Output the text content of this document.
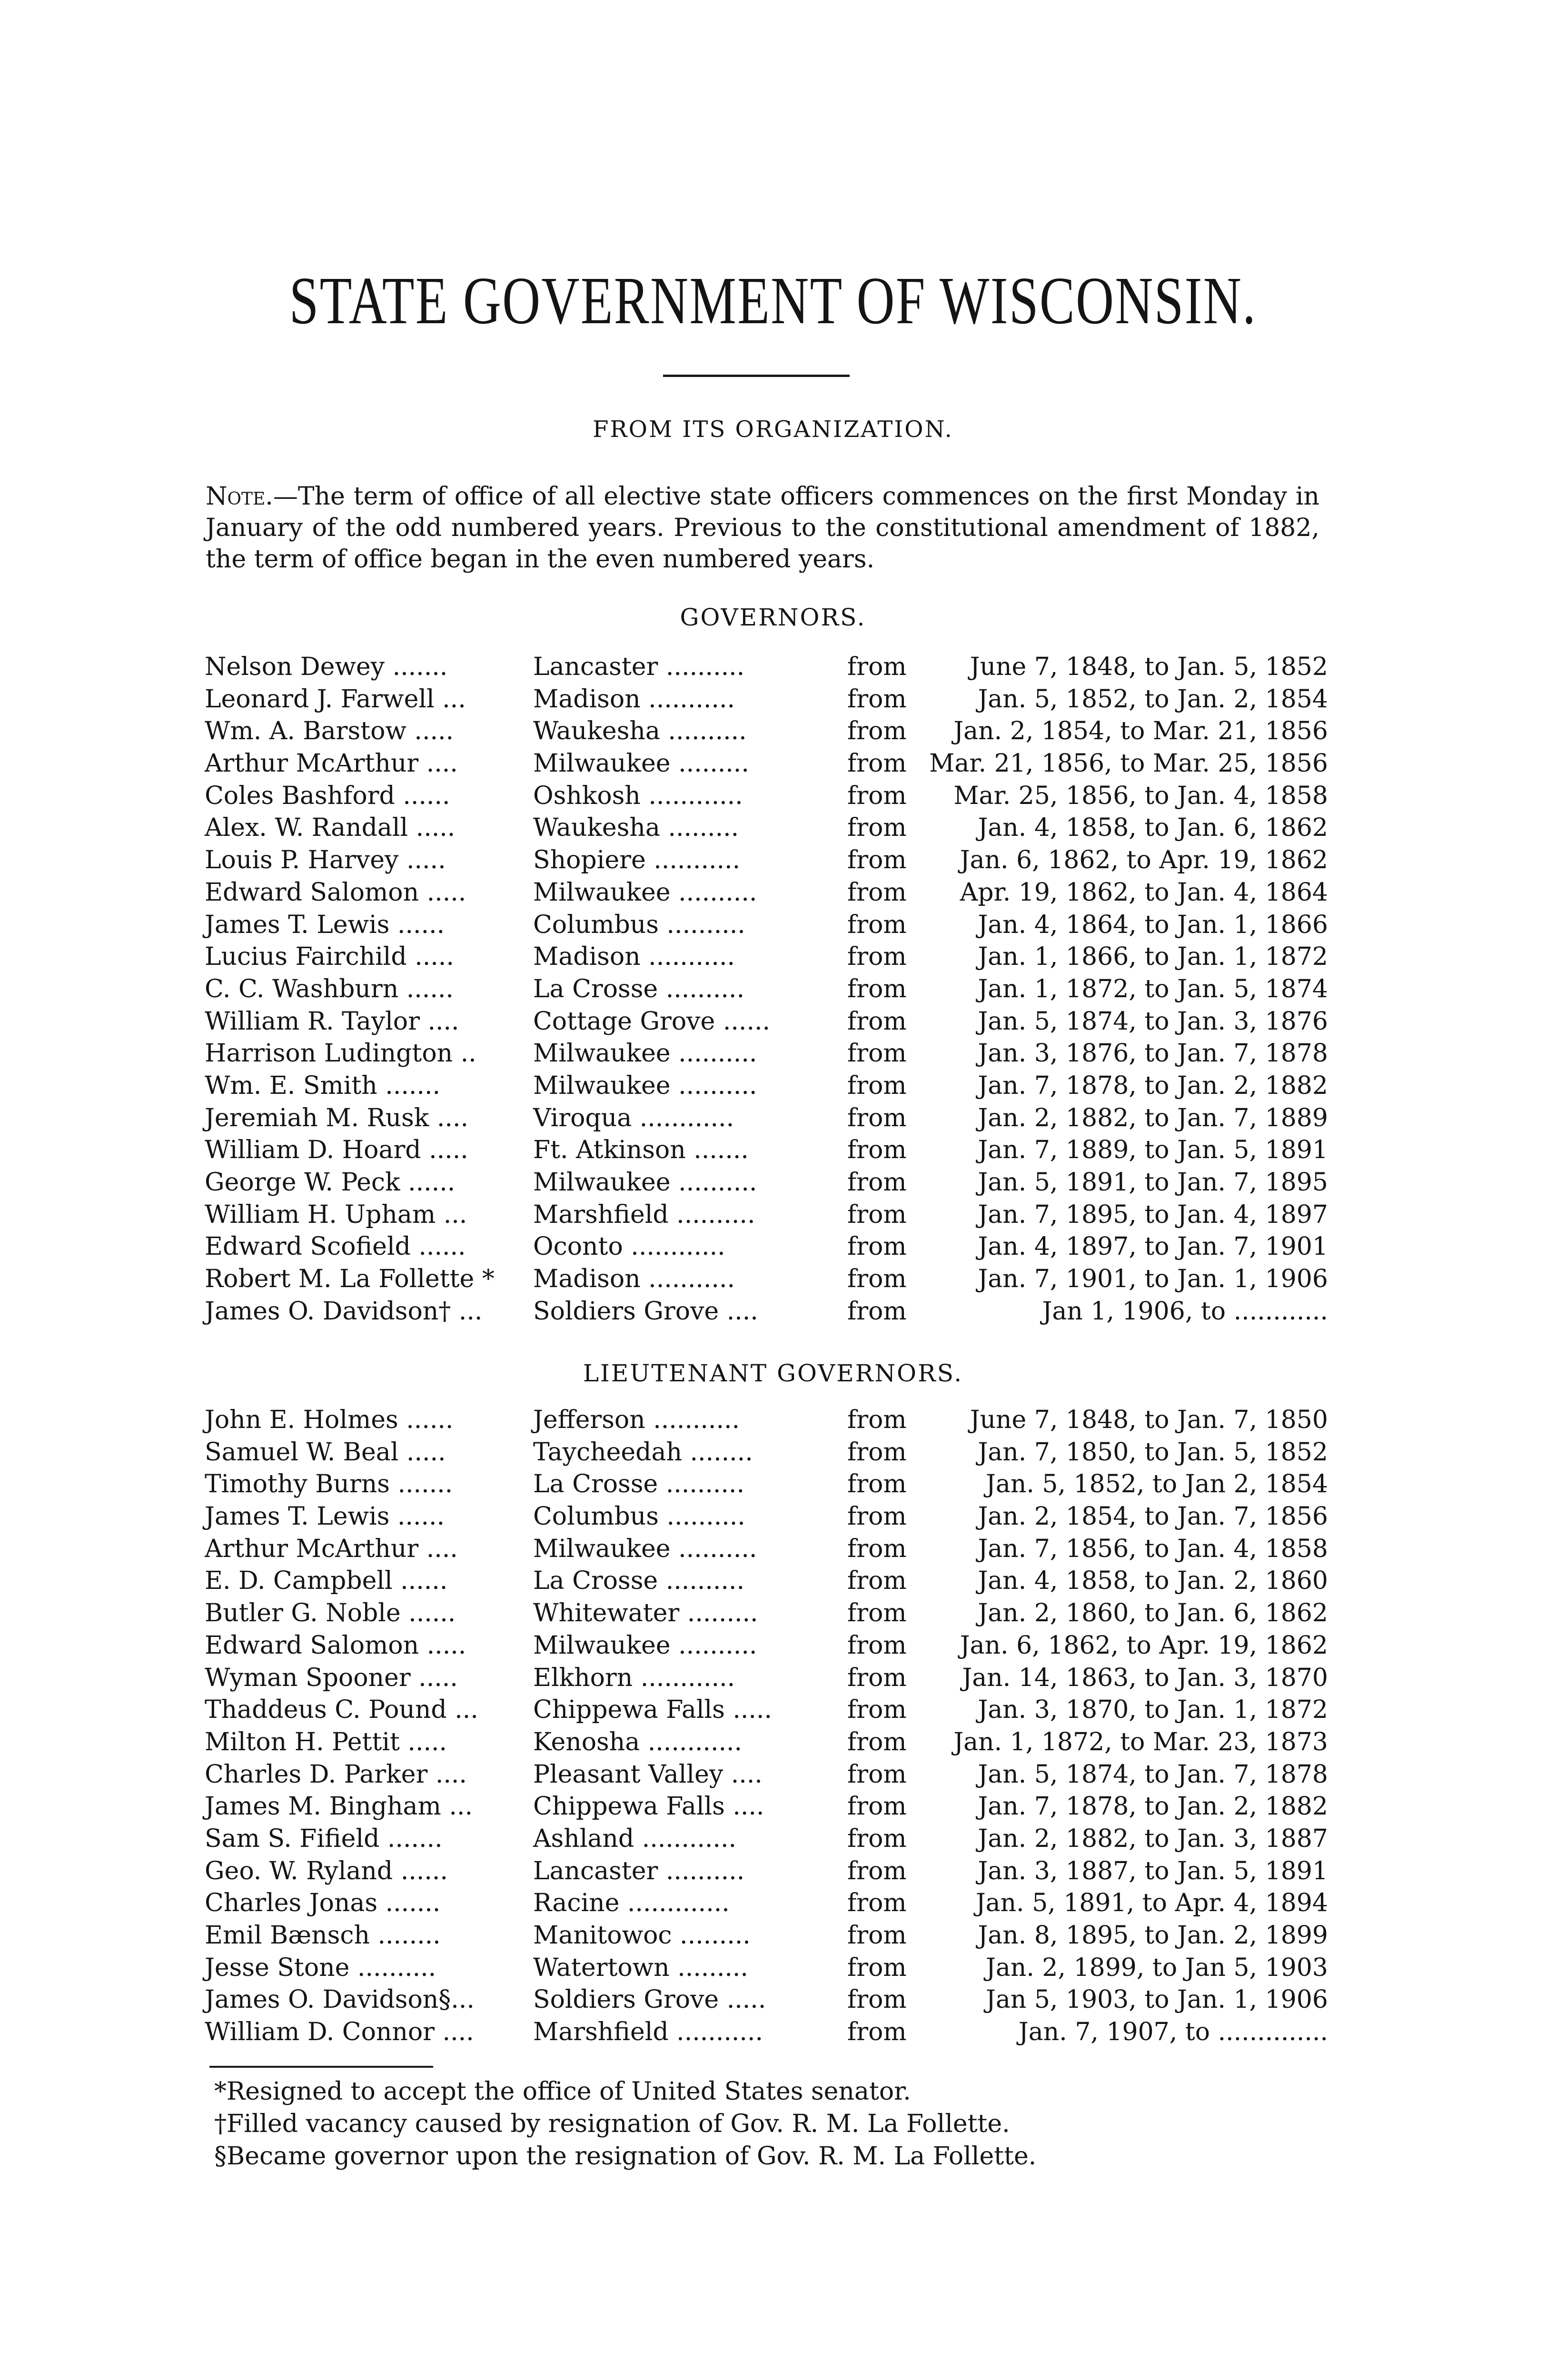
STATE GOVERNMENT OF WISCONSIN.
FROM ITS ORGANIZATION.
Note.—The term of office of all elective state officers commences on the first Monday in January of the odd numbered years. Previous to the constitutional amendment of 1882, the term of office began in the even numbered years.
GOVERNORS.
Nelson Dewey .......	Lancaster ..........	from	June 7, 1848, to Jan. 5, 1852
Leonard J. Farwell ...	Madison ...........	from	Jan. 5, 1852, to Jan. 2, 1854
Wm. A. Barstow .....	Waukesha ..........	from Jan. 2, 1854, to Mar. 21, 1856
Arthur McArthur ....	Milwaukee .........	from Mar. 21, 1856, to Mar. 25, 1856
Coles Bashford ......	Oshkosh ............	from Mar. 25, 1856, to Jan. 4, 1858
Alex. W. Randall .....	Waukesha .........	from	Jan. 4, 1858, to Jan. 6, 1862
Louis P. Harvey .....	Shopiere ...........	from Jan. 6, 1862, to Apr. 19, 1862
Edward Salomon .....	Milwaukee ..........	from Apr. 19, 1862, to Jan. 4, 1864
James T. Lewis ......	Columbus ..........	from	Jan. 4, 1864, to Jan. 1, 1866
Lucius Fairchild .....	Madison ...........	from	Jan. 1, 1866, to Jan. 1, 1872
C. C. Washburn ......	La Crosse ..........	from	Jan. 1, 1872, to Jan. 5, 1874
William R. Taylor ....	Cottage Grove ......	from	Jan. 5, 1874, to Jan. 3, 1876
Harrison Ludington .. Milwaukee ..........	from	Jan. 3, 1876, to Jan. 7, 1878
Wm. E. Smith .......	Milwaukee ..........	from	Jan. 7, 1878, to Jan. 2, 1882
Jeremiah M. Rusk ....	Viroqua ............	from	Jan. 2, 1882, to Jan. 7, 1889
William D. Hoard .....	Ft. Atkinson .......	from	Jan. 7, 1889, to Jan. 5, 1891
George W. Peck ......	Milwaukee ..........	from	Jan. 5, 1891, to Jan. 7, 1895
William H. Upham ...	Marshfield ..........	from	Jan. 7, 1895, to Jan. 4, 1897
Edward Scofield ......	Oconto ............	from	Jan. 4, 1897, to Jan. 7, 1901
Robert M. La Follette * Madison ...........	from	Jan. 7, 1901, to Jan. 1, 1906
James O. Davidson† ... Soldiers Grove ....	from	Jan 1, 1906, to ............
LIEUTENANT GOVERNORS.
John E. Holmes ......	Jefferson ...........	from	June 7, 1848, to Jan. 7, 1850
Samuel W. Beal .....	Taycheedah ........	from	Jan. 7, 1850, to Jan. 5, 1852
Timothy Burns .......	La Crosse ..........	from	Jan. 5, 1852, to Jan 2, 1854
James T. Lewis ......	Columbus ..........	from	Jan. 2, 1854, to Jan. 7, 1856
Arthur McArthur ....	Milwaukee ..........	from	Jan. 7, 1856, to Jan. 4, 1858
E. D. Campbell ......	La Crosse ..........	from	Jan. 4, 1858, to Jan. 2, 1860
Butler G. Noble ......	Whitewater .........	from	Jan. 2, 1860, to Jan. 6, 1862
Edward Salomon .....	Milwaukee ..........	from Jan. 6, 1862, to Apr. 19, 1862
Wyman Spooner .....	Elkhorn ............	from Jan. 14, 1863, to Jan. 3, 1870
Thaddeus C. Pound ... Chippewa Falls .....	from	Jan. 3, 1870, to Jan. 1, 1872
Milton H. Pettit .....	Kenosha ............	from Jan. 1, 1872, to Mar. 23, 1873
Charles D. Parker ....	Pleasant Valley ....	from	Jan. 5, 1874, to Jan. 7, 1878
James M. Bingham ... Chippewa Falls ....	from	Jan. 7, 1878, to Jan. 2, 1882
Sam S. Fifield .......	Ashland ............	from	Jan. 2, 1882, to Jan. 3, 1887
Geo. W. Ryland ......	Lancaster ..........	from	Jan. 3, 1887, to Jan. 5, 1891
Charles Jonas .......	Racine .............	from	Jan. 5, 1891, to Apr. 4, 1894
Emil Bænsch ........	Manitowoc .........	from	Jan. 8, 1895, to Jan. 2, 1899
Jesse Stone ..........	Watertown .........	from	Jan. 2, 1899, to Jan 5, 1903
James O. Davidson§... Soldiers Grove .....	from	Jan 5, 1903, to Jan. 1, 1906
William D. Connor .... Marshfield ...........	from	Jan. 7, 1907, to ..............
*Resigned to accept the office of United States senator.
†Filled vacancy caused by resignation of Gov. R. M. La Follette.
§Became governor upon the resignation of Gov. R. M. La Follette.
